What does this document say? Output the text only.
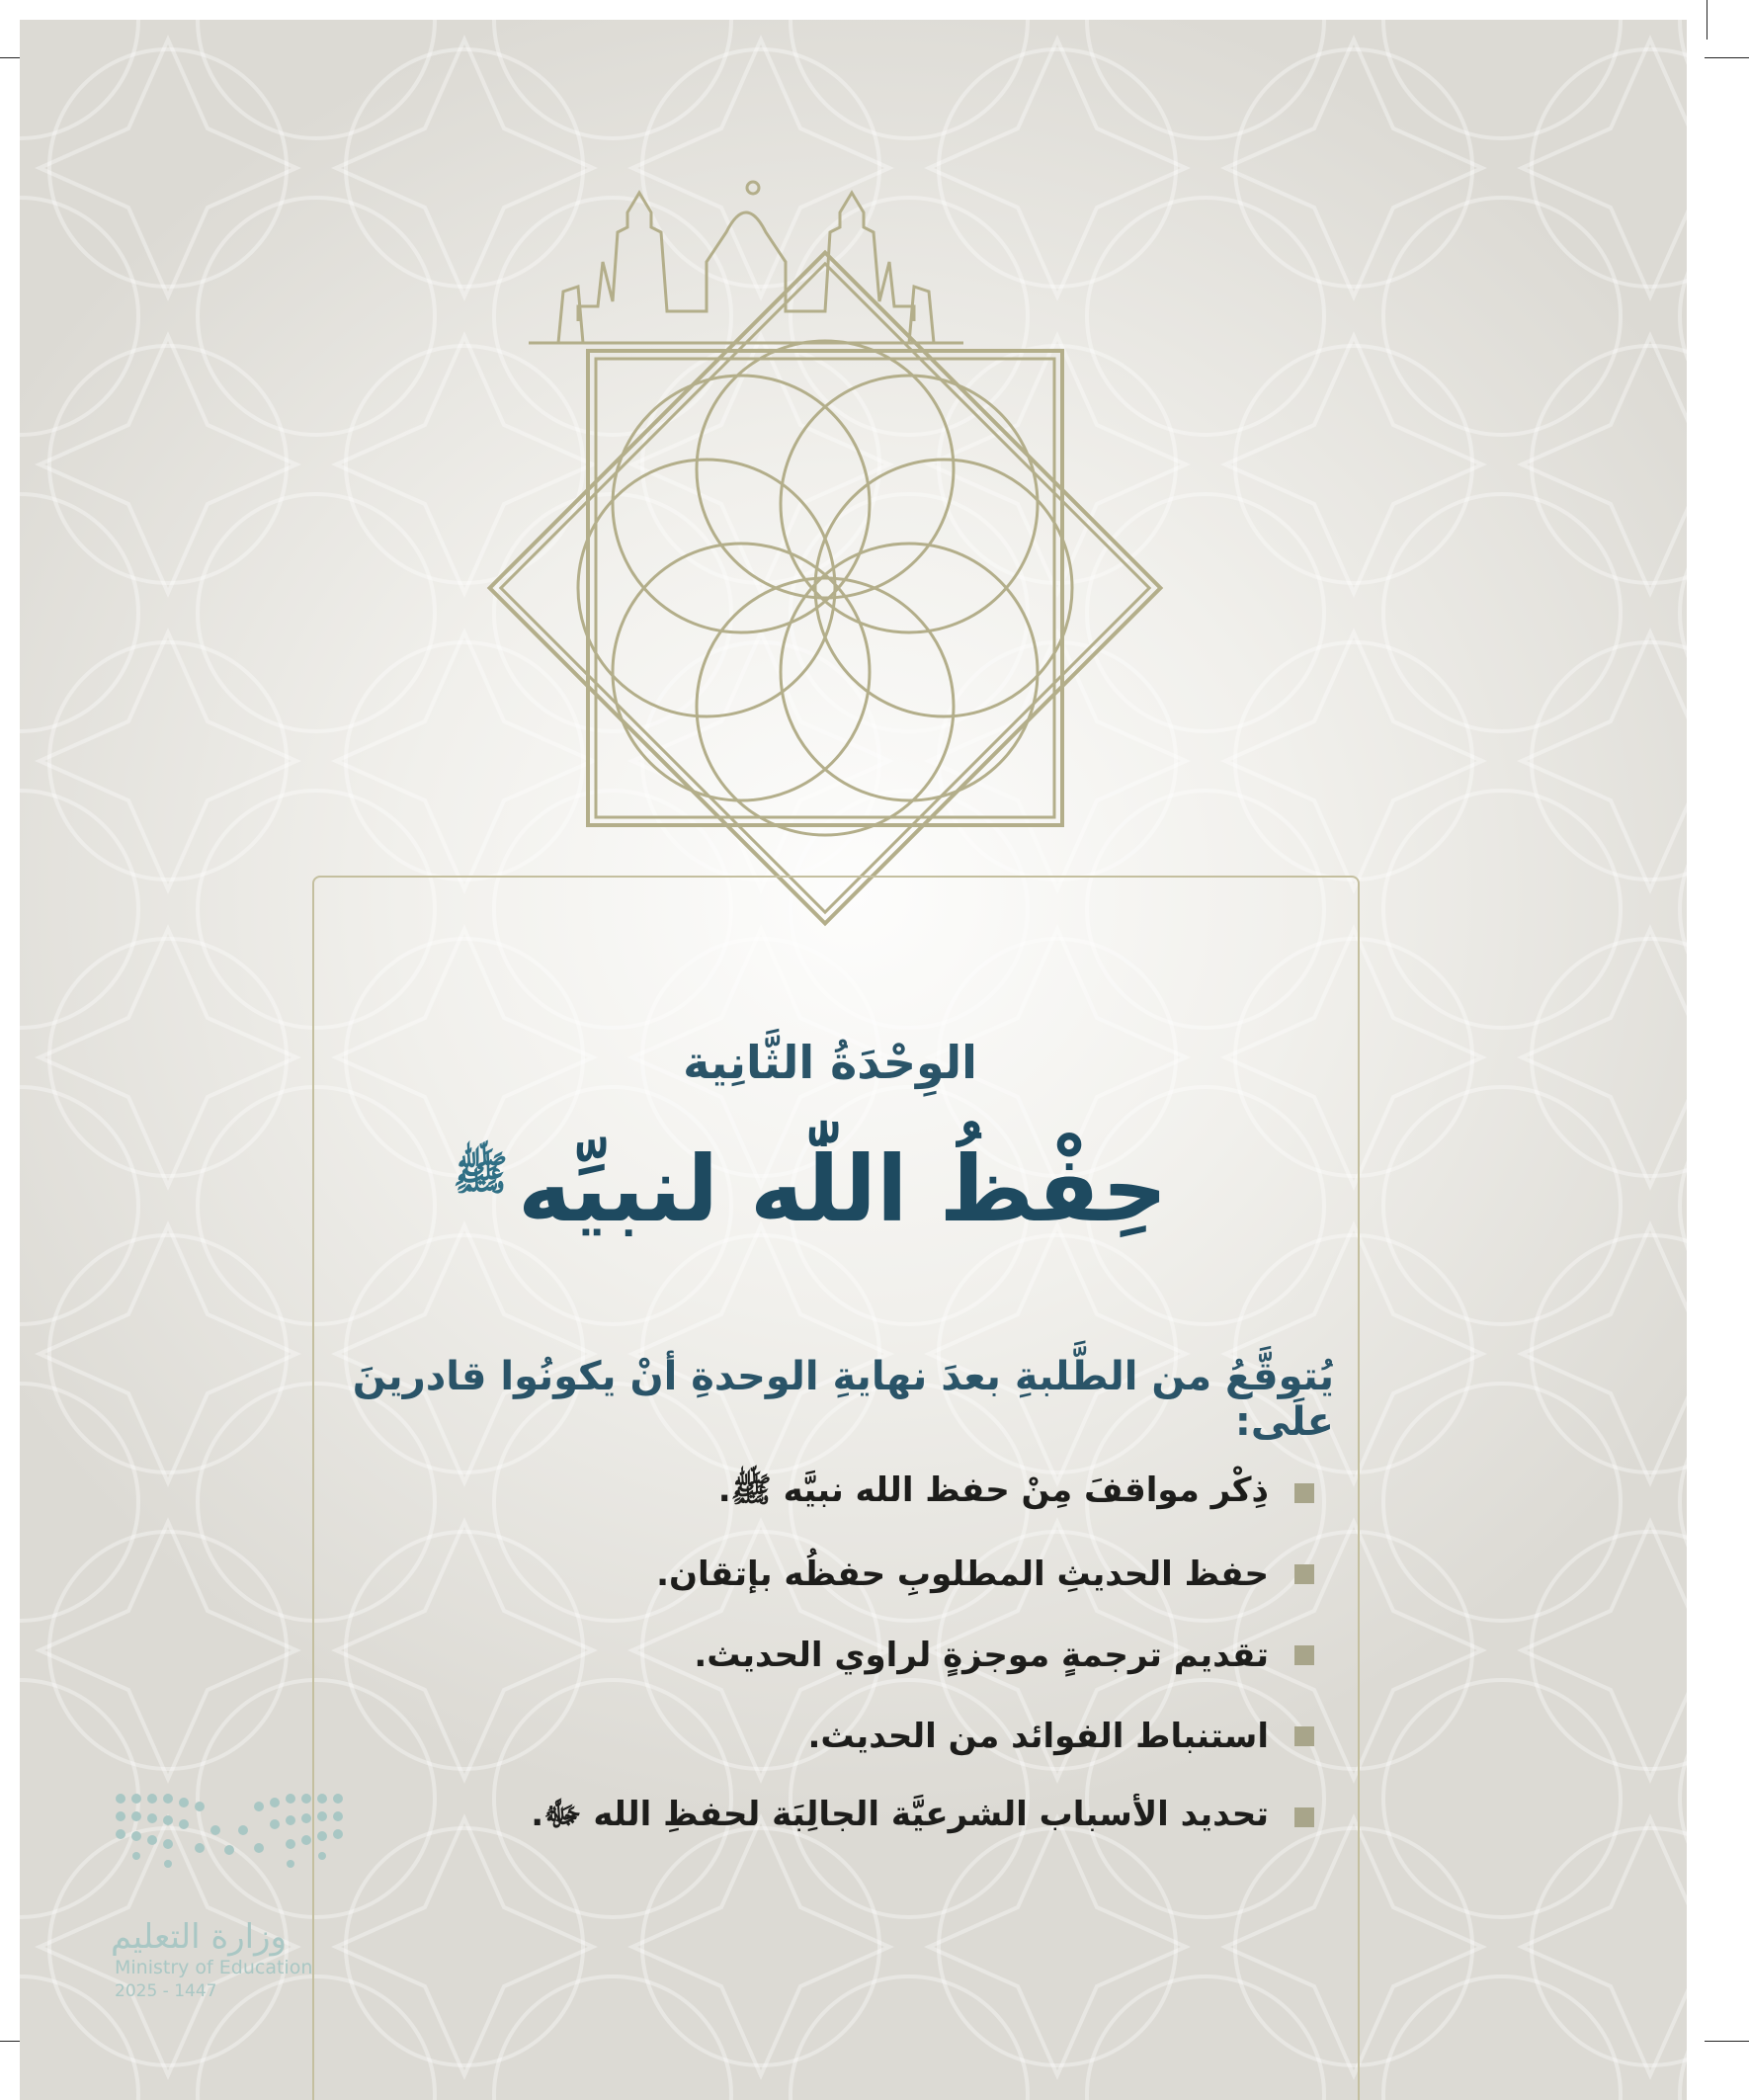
الوِحْدَةُ الثَّانِية
حِفْظُ اللّٰه لنبيِّه$^ﷺ$
يُتوقَّعُ من الطَّلبةِ بعدَ نهايةِ الوحدةِ أنْ يكونُوا قادرينَ علَى:
ذِكْر مواقفَ مِنْ حفظ الله نبيَّه ﷺ.
حفظ الحديثِ المطلوبِ حفظُه بإتقان.
تقديم ترجمةٍ موجزةٍ لراوي الحديث.
استنباط الفوائد من الحديث.
تحديد الأسباب الشرعيَّة الجالِبَة لحفظِ الله ﷻ.
وزارة التعليم
Ministry of Education
2025 - 1447
